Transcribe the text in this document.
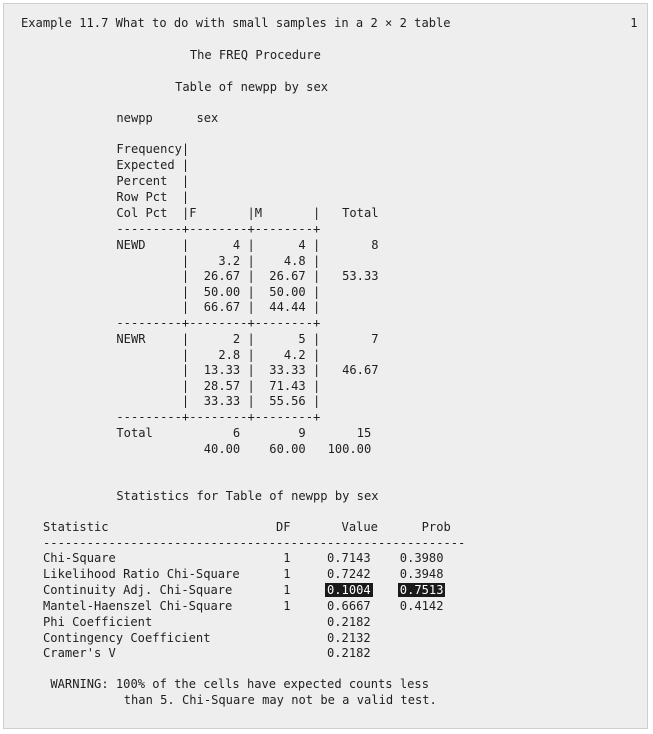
Example 11.7 What to do with small samples in a 2 × 2 table	1
The FREQ Procedure
Table of newpp by sex
newpp      sex
Frequency|
Expected |
Percent  |
Row Pct  |
Col Pct  |F       |M       |   Total
---------+--------+--------+
NEWD     |      4 |      4 |       8
|    3.2 |    4.8 |
|  26.67 |  26.67 |   53.33
|  50.00 |  50.00 |
|  66.67 |  44.44 |
---------+--------+--------+
NEWR     |      2 |      5 |       7
|    2.8 |    4.2 |
|  13.33 |  33.33 |   46.67
|  28.57 |  71.43 |
|  33.33 |  55.56 |
---------+--------+--------+
Total           6        9       15
40.00    60.00 100.00
Statistics for Table of newpp by sex
Statistic                       DF       Value      Prob
----------------------------------------------------------
Chi-Square                       1	0.7143 0.3980
Likelihood Ratio Chi-Square      1	0.7242 0.3948
Continuity Adj. Chi-Square       1	0.1004 0.7513
Mantel-Haenszel Chi-Square       1	0.6667 0.4142
Phi Coefficient	0.2182
Contingency Coefficient	0.2132
Cramer's V	0.2182
WARNING: 100% of the cells have expected counts less
than 5. Chi-Square may not be a valid test.
